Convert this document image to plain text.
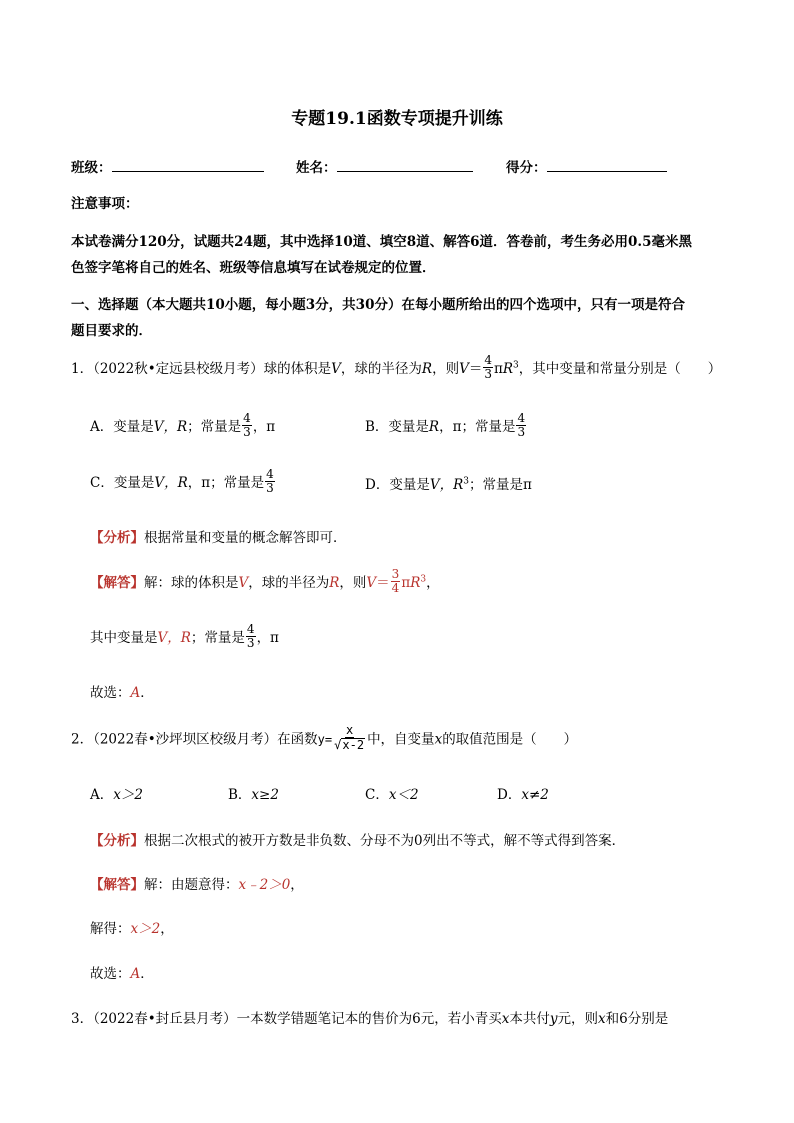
专题19.1函数专项提升训练
班级：	姓名：	得分：
注意事项：
本试卷满分120分，试题共24题，其中选择10道、填空8道、解答6道．答卷前，考生务必用0.5毫米黑
色签字笔将自己的姓名、班级等信息填写在试卷规定的位置．
一、选择题（本大题共10小题，每小题3分，共30分）在每小题所给出的四个选项中，只有一项是符合
题目要求的．
1．（2022秋•定远县校级月考）球的体积是V，球的半径为R，则$V= \frac{4}{3} \pi R^3$，其中变量和常量分别是（　　）
A．变量是V，R；常量是 $\frac{4}{3}$ ，π	B．变量是R，π；常量是 $\frac{4}{3}$
C．变量是V，R，π；常量是 $\frac{4}{3}$	D．变量是V，$R^3$；常量是π
【分析】根据常量和变量的概念解答即可．
【解答】解：球的体积是V，球的半径为R，则$V= \frac{3}{4} \pi R^3$，
其中变量是V，R；常量是 $\frac{4}{3}$ ，π
故选：A．
2．（2022春•沙坪坝区校级月考）在函数$y= \frac{x}{√ x-2}$ 中，自变量x的取值范围是（　　）
A．x＞2	B．x≥2	C．x＜2	D．x≠2
【分析】根据二次根式的被开方数是非负数、分母不为0列出不等式，解不等式得到答案．
【解答】解：由题意得：x﹣2＞0，
解得：x＞2，
故选：A．
3．（2022春•封丘县月考）一本数学错题笔记本的售价为6元，若小青买x本共付y元，则x和6分别是
